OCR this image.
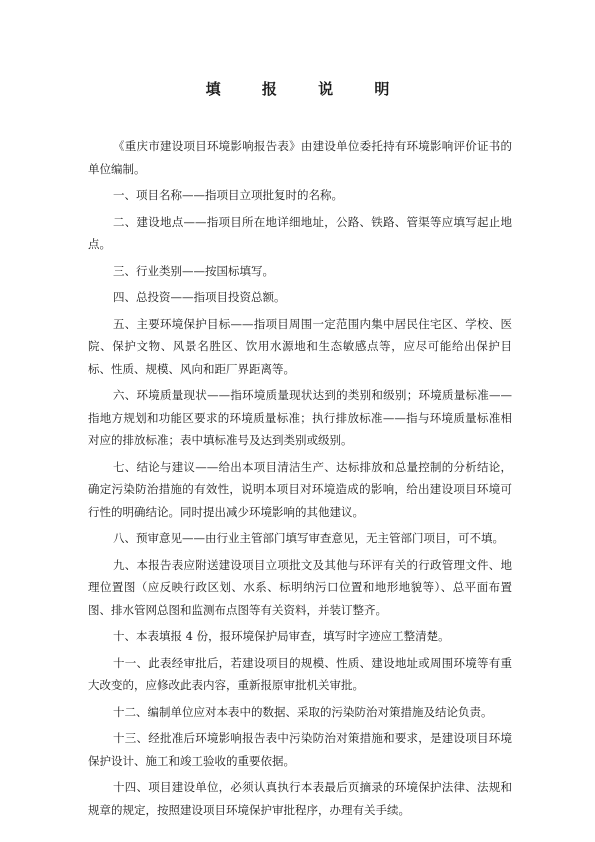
填 报 说 明

《重庆市建设项目环境影响报告表》由建设单位委托持有环境影响评价证书的单位编制。

一、项目名称——指项目立项批复时的名称。

二、建设地点——指项目所在地详细地址，公路、铁路、管渠等应填写起止地点。

三、行业类别——按国标填写。

四、总投资——指项目投资总额。

五、主要环境保护目标——指项目周围一定范围内集中居民住宅区、学校、医院、保护文物、风景名胜区、饮用水源地和生态敏感点等，应尽可能给出保护目标、性质、规模、风向和距厂界距离等。

六、环境质量现状——指环境质量现状达到的类别和级别；环境质量标准——指地方规划和功能区要求的环境质量标准；执行排放标准——指与环境质量标准相对应的排放标准；表中填标准号及达到类别或级别。

七、结论与建议——给出本项目清洁生产、达标排放和总量控制的分析结论，确定污染防治措施的有效性，说明本项目对环境造成的影响，给出建设项目环境可行性的明确结论。同时提出减少环境影响的其他建议。

八、预审意见——由行业主管部门填写审查意见，无主管部门项目，可不填。

九、本报告表应附送建设项目立项批文及其他与环评有关的行政管理文件、地理位置图（应反映行政区划、水系、标明纳污口位置和地形地貌等）、总平面布置图、排水管网总图和监测布点图等有关资料，并装订整齐。

十、本表填报 4 份，报环境保护局审查，填写时字迹应工整清楚。

十一、此表经审批后，若建设项目的规模、性质、建设地址或周围环境等有重大改变的，应修改此表内容，重新报原审批机关审批。

十二、编制单位应对本表中的数据、采取的污染防治对策措施及结论负责。

十三、经批准后环境影响报告表中污染防治对策措施和要求，是建设项目环境保护设计、施工和竣工验收的重要依据。

十四、项目建设单位，必须认真执行本表最后页摘录的环境保护法律、法规和规章的规定，按照建设项目环境保护审批程序，办理有关手续。
